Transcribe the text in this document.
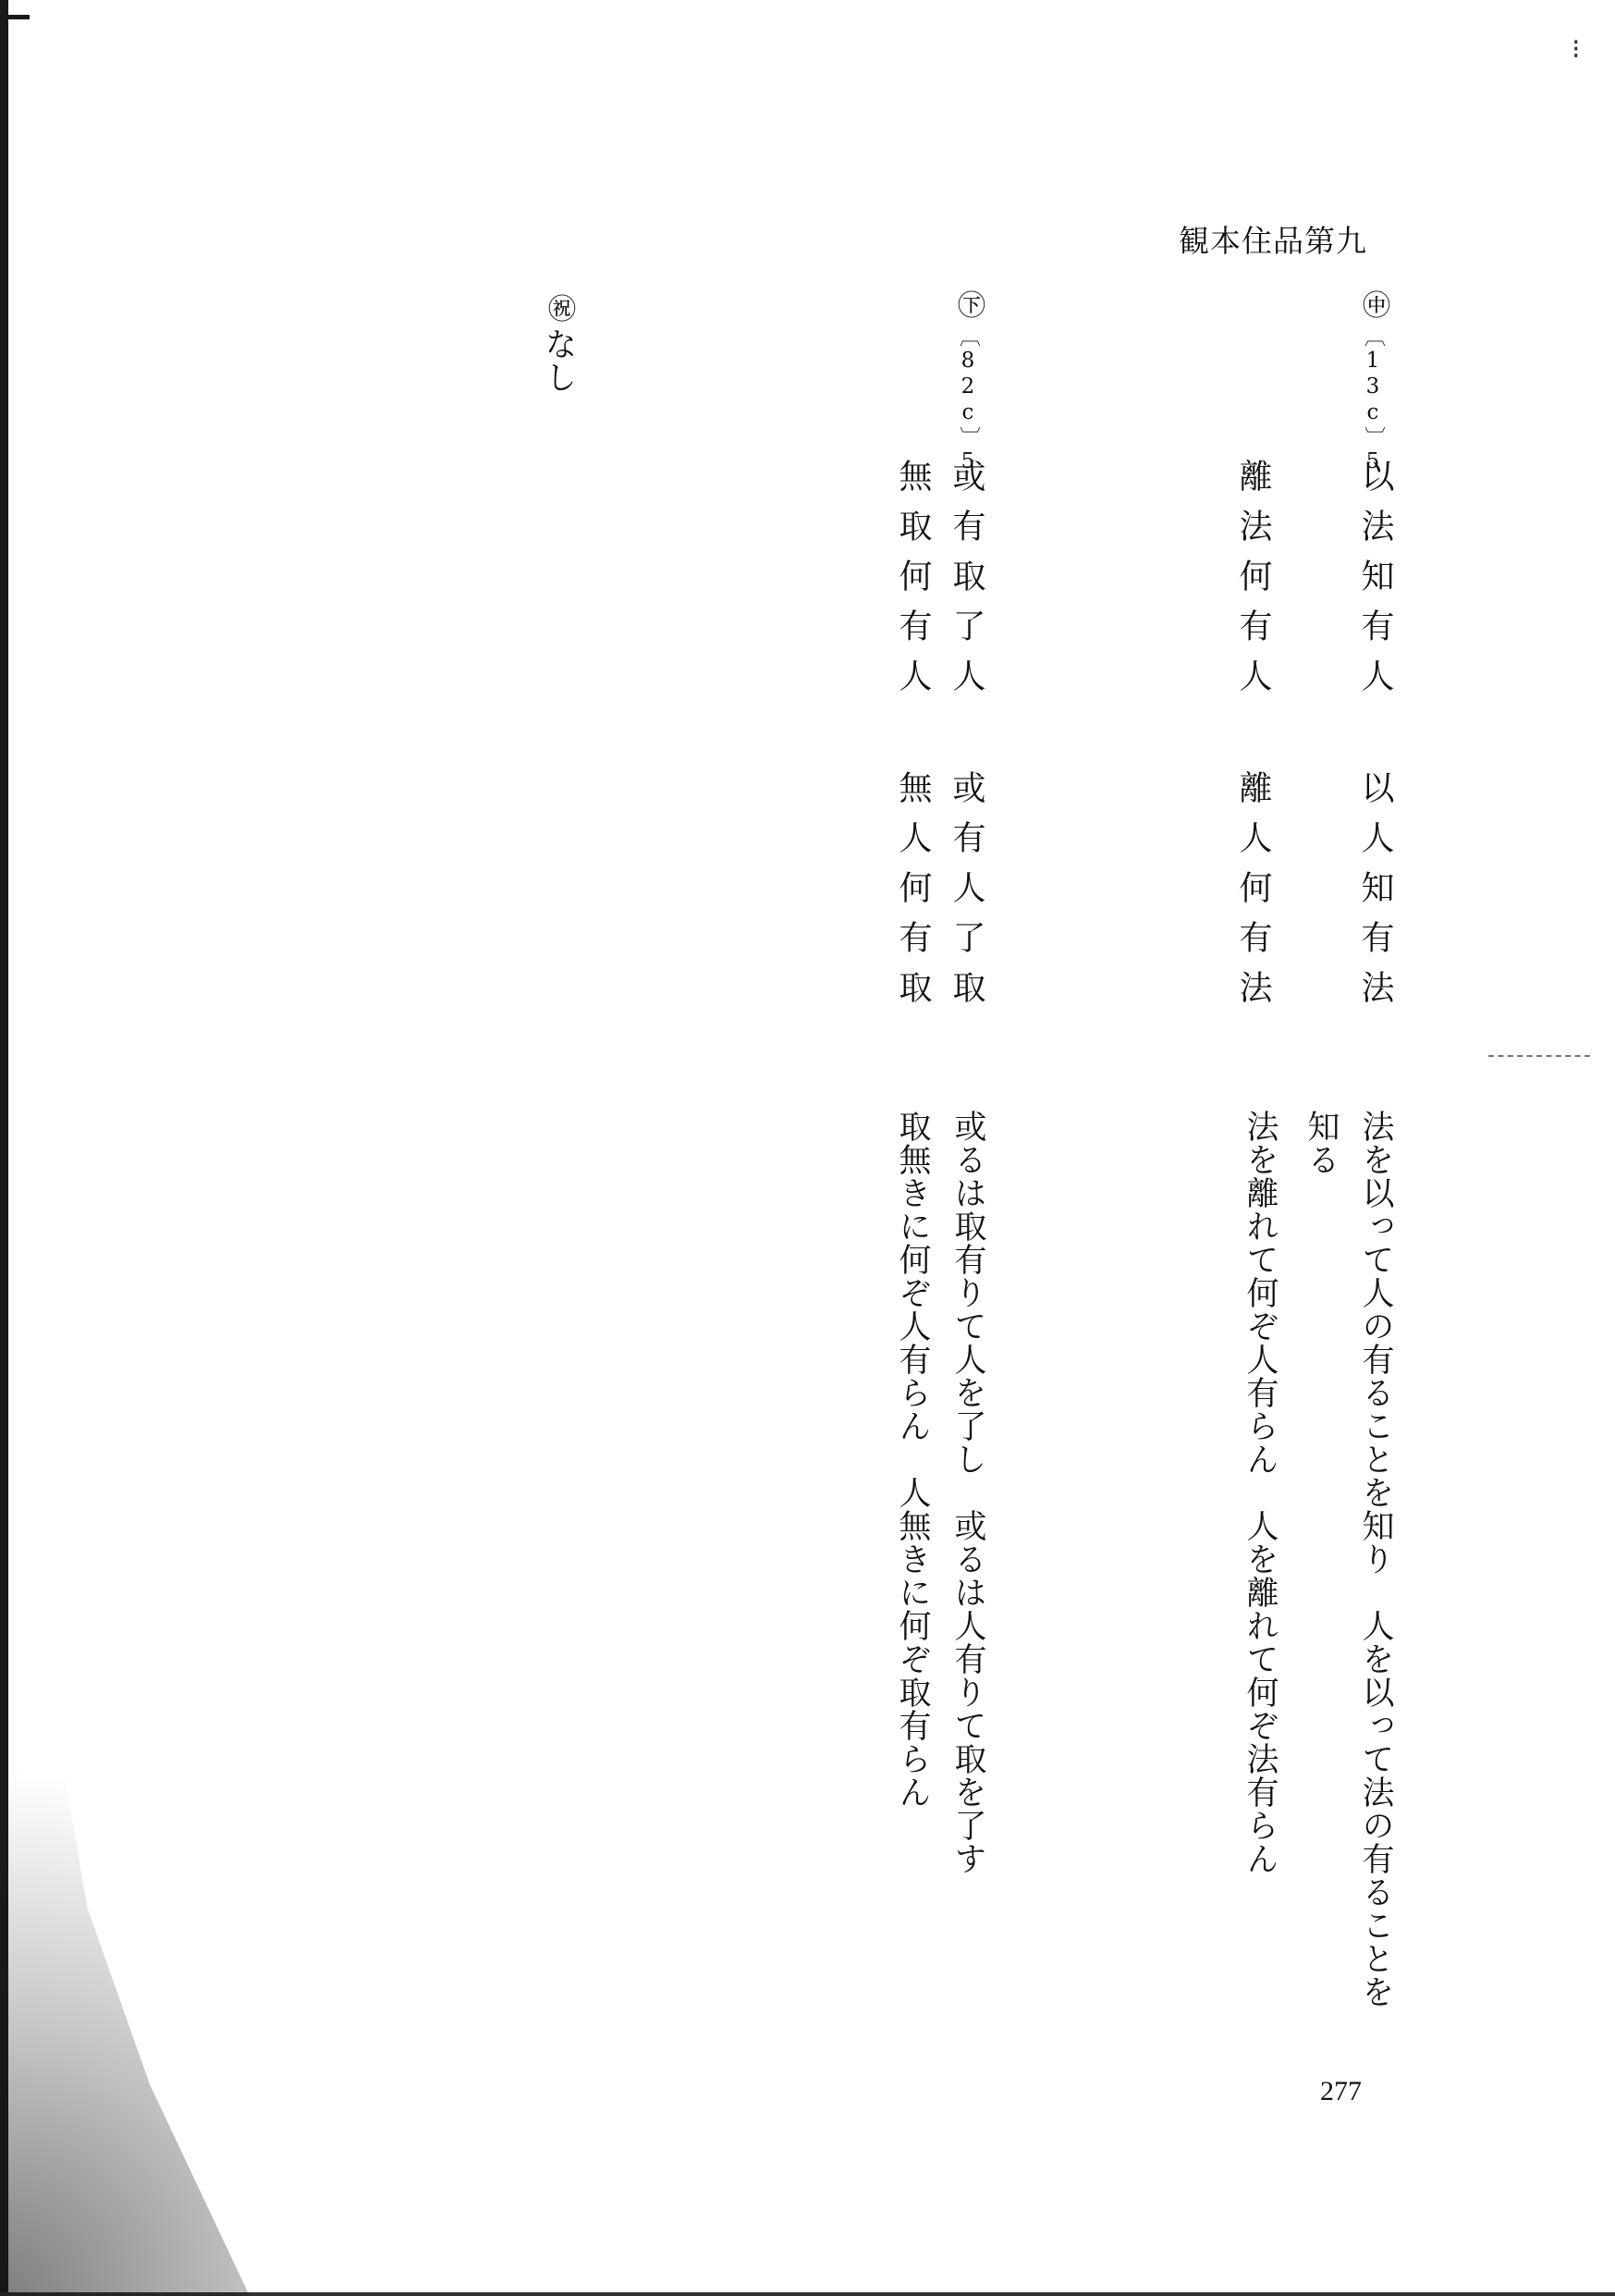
⁝
観本住品第九
㊥〔13c〕5
以法知有人
以人知有法
離法何有人
離人何有法
法を以って人の有ることを知り　人を以って法の有ることを
知る
法を離れて何ぞ人有らん　人を離れて何ぞ法有らん
㊦〔82c〕5
或有取了人
或有人了取
無取何有人
無人何有取
或るは取有りて人を了し　或るは人有りて取を了す
取無きに何ぞ人有らん　人無きに何ぞ取有らん
㊗なし
277
